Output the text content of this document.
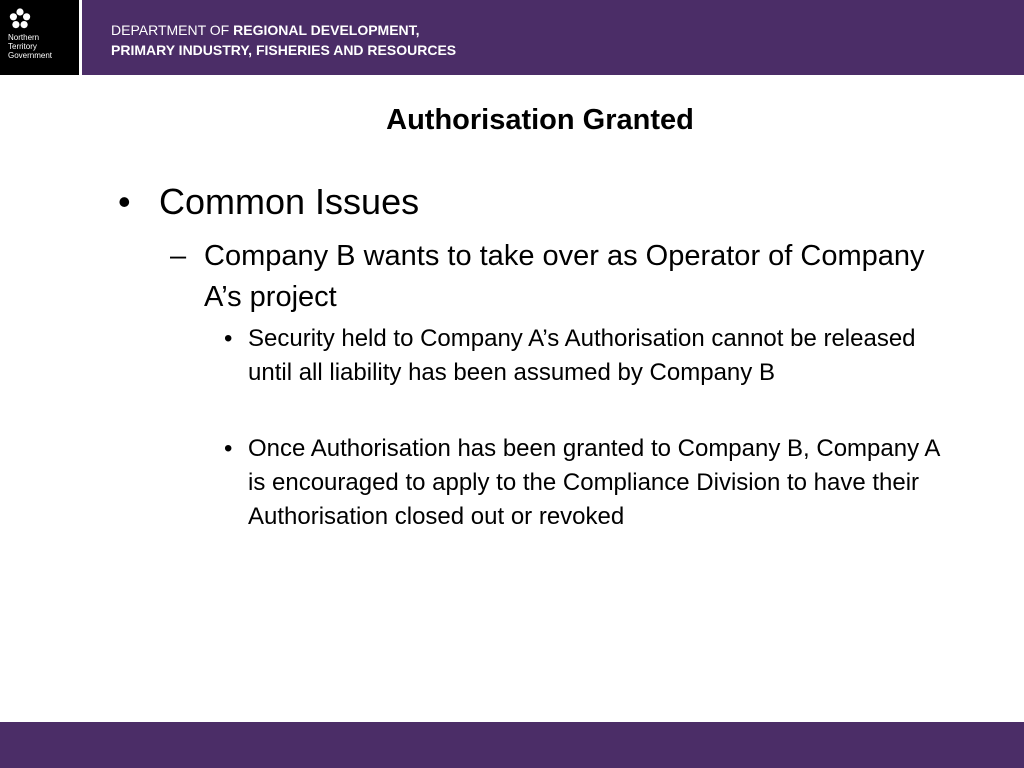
Northern
Territory
Government
DEPARTMENT OF REGIONAL DEVELOPMENT,
PRIMARY INDUSTRY, FISHERIES AND RESOURCES
Authorisation Granted
• Common Issues
– Company B wants to take over as Operator of Company A’s project
• Security held to Company A’s Authorisation cannot be released until all liability has been assumed by Company B
• Once Authorisation has been granted to Company B, Company A is encouraged to apply to the Compliance Division to have their Authorisation closed out or revoked
